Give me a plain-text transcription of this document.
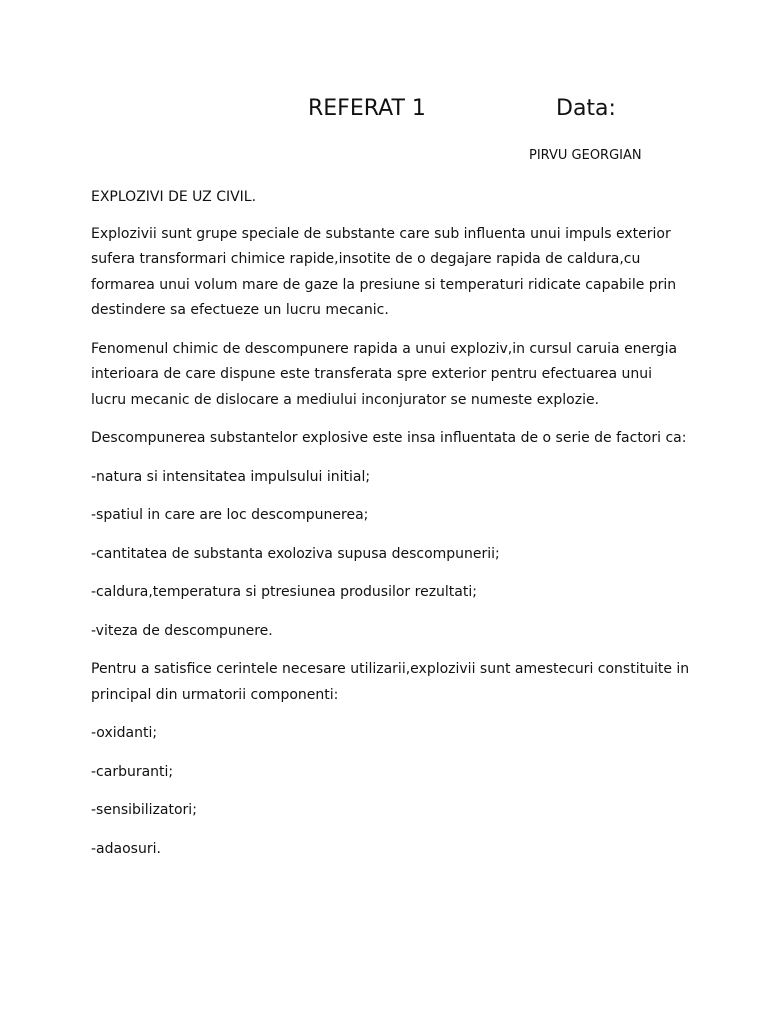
REFERAT 1	Data:
PIRVU GEORGIAN

EXPLOZIVI DE UZ CIVIL.

Explozivii sunt grupe speciale de substante care sub influenta unui impuls exterior sufera transformari chimice rapide,insotite de o degajare rapida de caldura,cu formarea unui volum mare de gaze la presiune si temperaturi ridicate capabile prin destindere sa efectueze un lucru mecanic.

Fenomenul chimic de descompunere rapida a unui exploziv,in cursul caruia energia interioara de care dispune este transferata spre exterior pentru efectuarea unui lucru mecanic de dislocare a mediului inconjurator se numeste explozie.

Descompunerea substantelor explosive este insa influentata de o serie de factori ca:

-natura si intensitatea impulsului initial;

-spatiul in care are loc descompunerea;

-cantitatea de substanta exoloziva supusa descompunerii;

-caldura,temperatura si ptresiunea produsilor rezultati;

-viteza de descompunere.

Pentru a satisfice cerintele necesare utilizarii,explozivii sunt amestecuri constituite in principal din urmatorii componenti:

-oxidanti;

-carburanti;

-sensibilizatori;

-adaosuri.
